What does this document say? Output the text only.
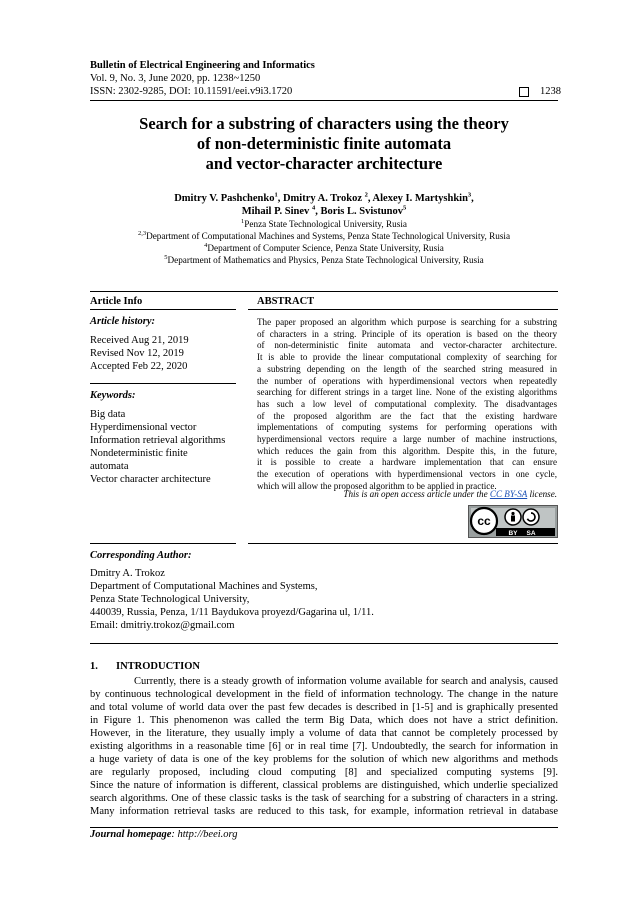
Bulletin of Electrical Engineering and Informatics
Vol. 9, No. 3, June 2020, pp. 1238~1250
ISSN: 2302-9285, DOI: 10.11591/eei.v9i3.1720	1238
Search for a substring of characters using the theory
of non-deterministic finite automata
and vector-character architecture
Dmitry V. Pashchenko$^1$, Dmitry A. Trokoz $^2$, Alexey I. Martyshkin$^3$,
Mihail P. Sinev $^4$, Boris L. Svistunov$^5$
$^1$Penza State Technological University, Rusia
$^{2,3}$Department of Computational Machines and Systems, Penza State Technological University, Rusia
$^4$Department of Computer Science, Penza State University, Rusia
$^5$Department of Mathematics and Physics, Penza State Technological University, Rusia
Article Info
Article history:
Received Aug 21, 2019
Revised Nov 12, 2019
Accepted Feb 22, 2020
Keywords:
Big data
Hyperdimensional vector
Information retrieval algorithms
Nondeterministic finite
automata
Vector character architecture
ABSTRACT
The paper proposed an algorithm which purpose is searching for a substring
of characters in a string. Principle of its operation is based on the theory
of non-deterministic finite automata and vector-character architecture.
It is able to provide the linear computational complexity of searching for
a substring depending on the length of the searched string measured in
the number of operations with hyperdimensional vectors when repeatedly
searching for different strings in a target line. None of the existing algorithms
has such a low level of computational complexity. The disadvantages
of the proposed algorithm are the fact that the existing hardware
implementations of computing systems for performing operations with
hyperdimensional vectors require a large number of machine instructions,
which reduces the gain from this algorithm. Despite this, in the future,
it is possible to create a hardware implementation that can ensure
the execution of operations with hyperdimensional vectors in one cycle,
which will allow the proposed algorithm to be applied in practice.
This is an open access article under the CC BY-SA license.
cc
BY SA
Corresponding Author:
Dmitry A. Trokoz
Department of Computational Machines and Systems,
Penza State Technological University,
440039, Russia, Penza, 1/11 Baydukova proyezd/Gagarina ul, 1/11.
Email: dmitriy.trokoz@gmail.com
1. INTRODUCTION
Currently, there is a steady growth of information volume available for search and analysis, caused
by continuous technological development in the field of information technology. The change in the nature
and total volume of world data over the past few decades is described in [1-5] and is graphically presented
in Figure 1. This phenomenon was called the term Big Data, which does not have a strict definition.
However, in the literature, they usually imply a volume of data that cannot be completely processed by
existing algorithms in a reasonable time [6] or in real time [7]. Undoubtedly, the search for information in
a huge variety of data is one of the key problems for the solution of which new algorithms and methods
are regularly proposed, including cloud computing [8] and specialized computing systems [9].
Since the nature of information is different, classical problems are distinguished, which underlie specialized
search algorithms. One of these classic tasks is the task of searching for a substring of characters in a string.
Many information retrieval tasks are reduced to this task, for example, information retrieval in database
Journal homepage: http://beei.org
